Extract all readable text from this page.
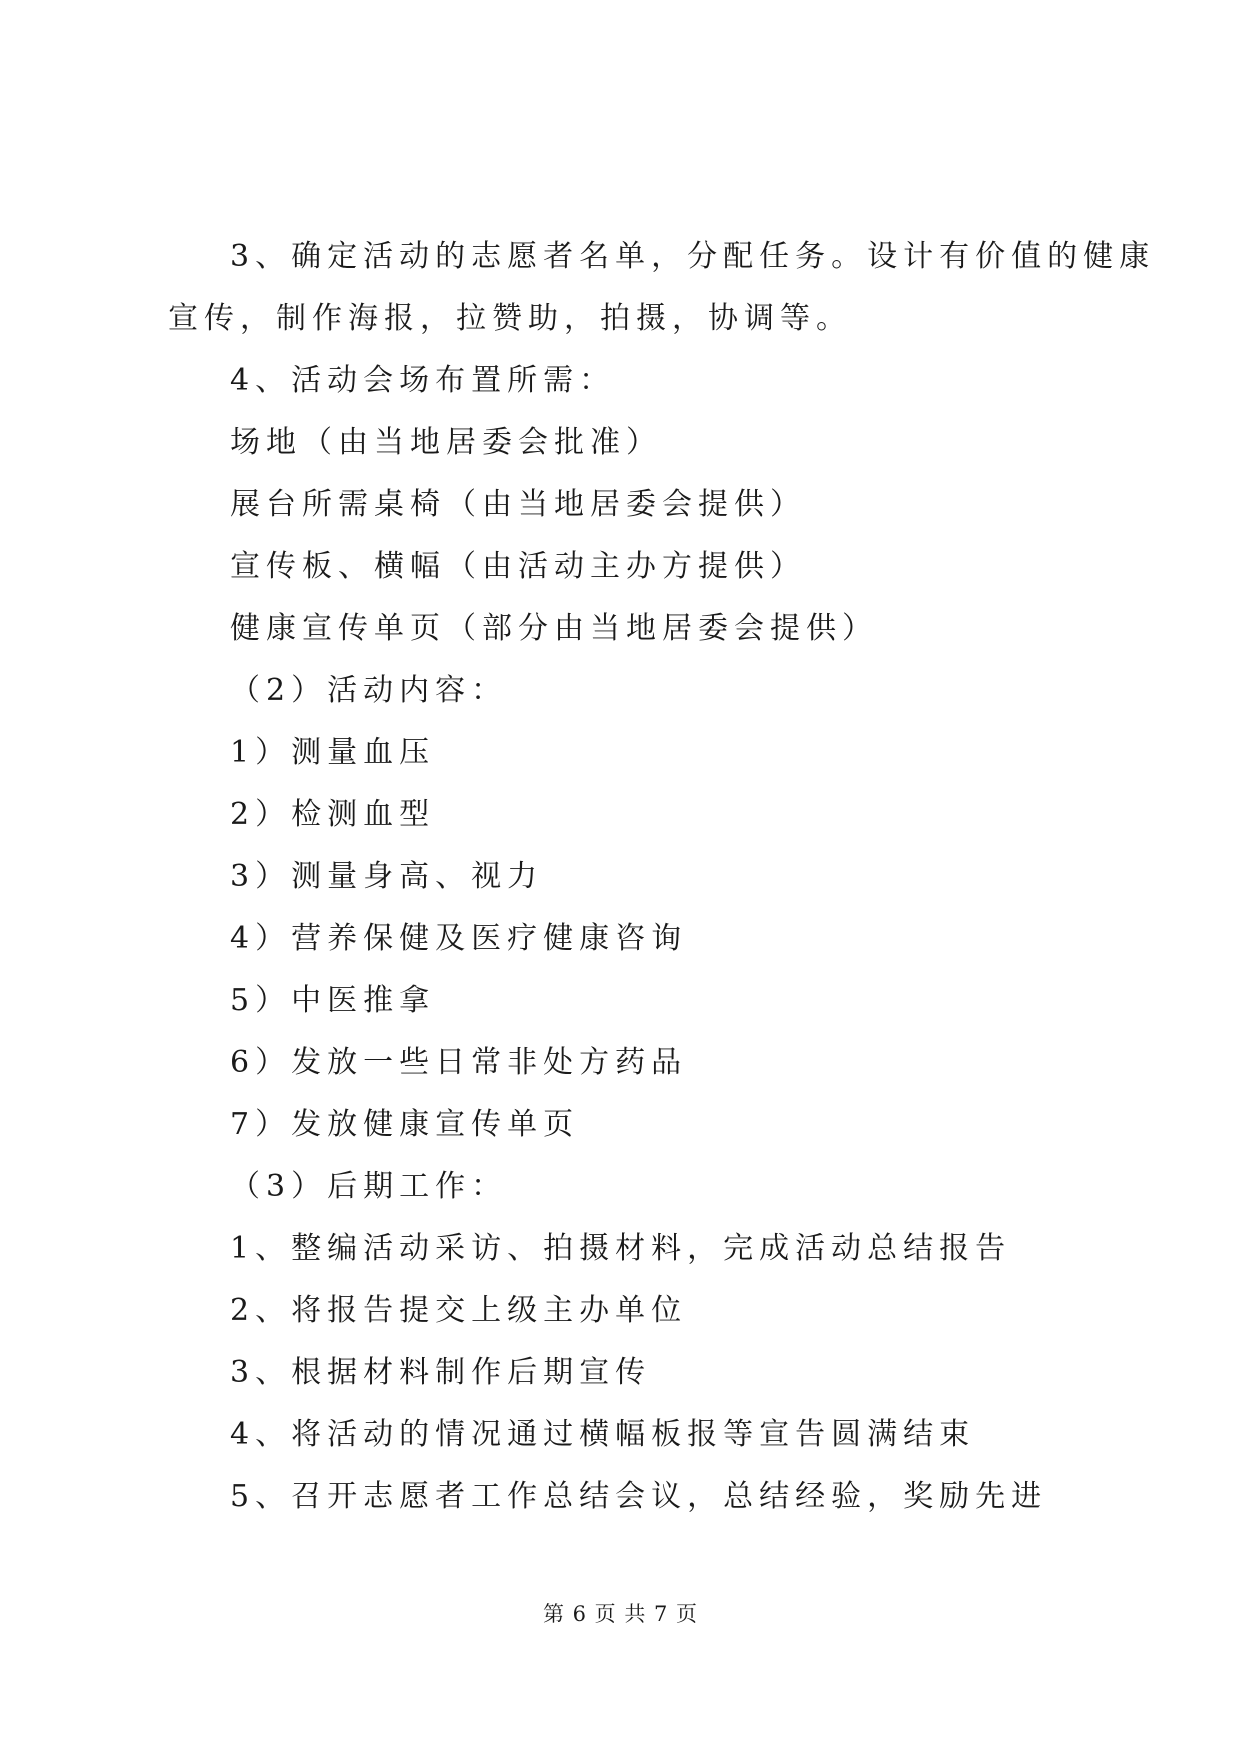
3、确定活动的志愿者名单，分配任务。设计有价值的健康
宣传，制作海报，拉赞助，拍摄，协调等。
4、活动会场布置所需：
场地（由当地居委会批准）
展台所需桌椅（由当地居委会提供）
宣传板、横幅（由活动主办方提供）
健康宣传单页（部分由当地居委会提供）
（2）活动内容：
1）测量血压
2）检测血型
3）测量身高、视力
4）营养保健及医疗健康咨询
5）中医推拿
6）发放一些日常非处方药品
7）发放健康宣传单页
（3）后期工作：
1、整编活动采访、拍摄材料，完成活动总结报告
2、将报告提交上级主办单位
3、根据材料制作后期宣传
4、将活动的情况通过横幅板报等宣告圆满结束
5、召开志愿者工作总结会议，总结经验，奖励先进
第 6 页 共 7 页
